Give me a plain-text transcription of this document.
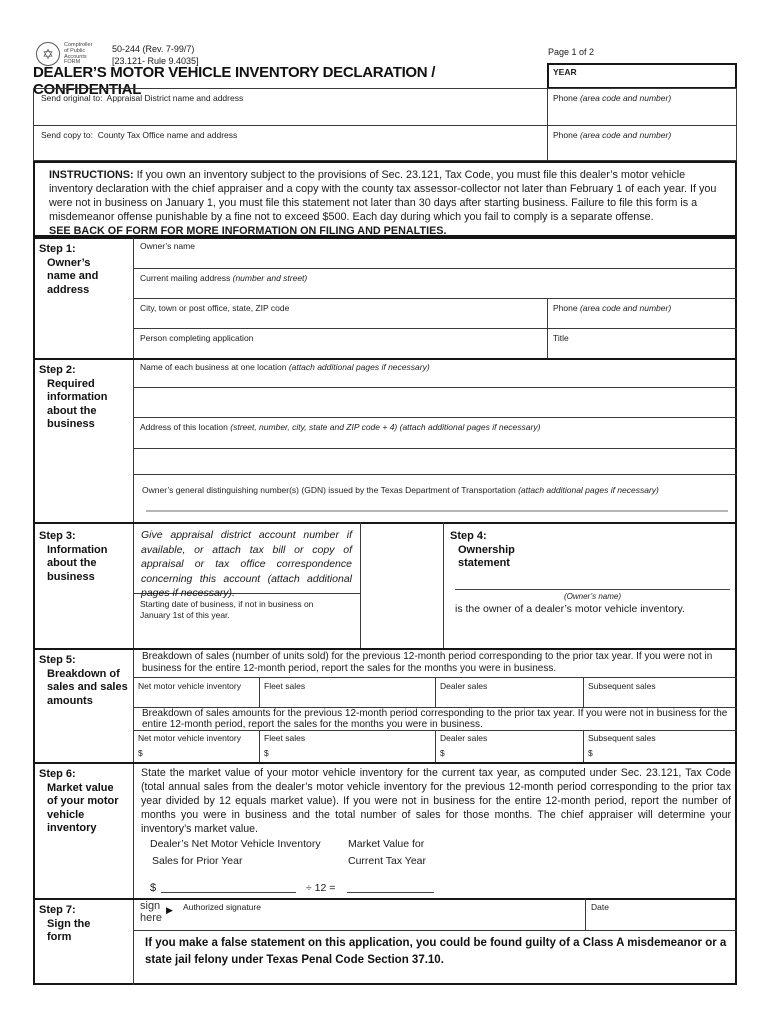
✡
Comptroller
of Public
Accounts
FORM
50-244 (Rev. 7-99/7)
[23.121- Rule 9.4035]
Page 1 of 2
DEALER’S MOTOR VEHICLE INVENTORY DECLARATION / CONFIDENTIAL
YEAR
Send original to:  Appraisal District name and address	Phone (area code and number)
Send copy to:  County Tax Office name and address	Phone (area code and number)
INSTRUCTIONS: If you own an inventory subject to the provisions of Sec. 23.121, Tax Code, you must file this dealer’s motor vehicle inventory declaration with the chief appraiser and a copy with the county tax assessor-collector not later than February 1 of each year. If you were not in business on January 1, you must file this statement not later than 30 days after starting business. Failure to file this form is a misdemeanor offense punishable by a fine not to exceed $500. Each day during which you fail to comply is a separate offense.
SEE BACK OF FORM FOR MORE INFORMATION ON FILING AND PENALTIES.
Step 1:
Owner’s name and address
Owner’s name
Current mailing address (number and street)
City, town or post office, state, ZIP code	Phone (area code and number)
Person completing application	Title
Step 2:
Required information about the business
Name of each business at one location (attach additional pages if necessary)
Address of this location (street, number, city, state and ZIP code + 4) (attach additional pages if necessary)
Owner’s general distinguishing number(s) (GDN) issued by the Texas Department of Transportation (attach additional pages if necessary)
Step 3:
Information about the business
Give appraisal district account number if available, or attach tax bill or copy of appraisal or tax office correspondence concerning this account (attach additional pages if necessary).
Starting date of business, if not in business on January 1st of this year.
Step 4:
Ownership statement
(Owner’s name)
is the owner of a dealer’s motor vehicle inventory.
Step 5:
Breakdown of sales and sales amounts
Breakdown of sales (number of units sold) for the previous 12-month period corresponding to the prior tax year. If you were not in business for the entire 12-month period, report the sales for the months you were in business.
Net motor vehicle inventory	Fleet sales	Dealer sales	Subsequent sales
Breakdown of sales amounts for the previous 12-month period corresponding to the prior tax year. If you were not in business for the entire 12-month period, report the sales for the months you were in business.
Net motor vehicle inventory	Fleet sales	Dealer sales	Subsequent sales
$	$	$	$
Step 6:
Market value of your motor vehicle inventory
State the market value of your motor vehicle inventory for the current tax year, as computed under Sec. 23.121, Tax Code (total annual sales from the dealer’s motor vehicle inventory for the previous 12-month period corresponding to the prior tax year divided by 12 equals market value). If you were not in business for the entire 12-month period, report the number of months you were in business and the total number of sales for those months. The chief appraiser will determine your inventory’s market value.
Dealer’s Net Motor Vehicle Inventory
Sales for Prior Year
Market Value for
Current Tax Year
$	÷ 12 =
Step 7:
Sign the form
sign
here
▶ Authorized signature	Date
If you make a false statement on this application, you could be found guilty of a Class A misdemeanor or a state jail felony under Texas Penal Code Section 37.10.
